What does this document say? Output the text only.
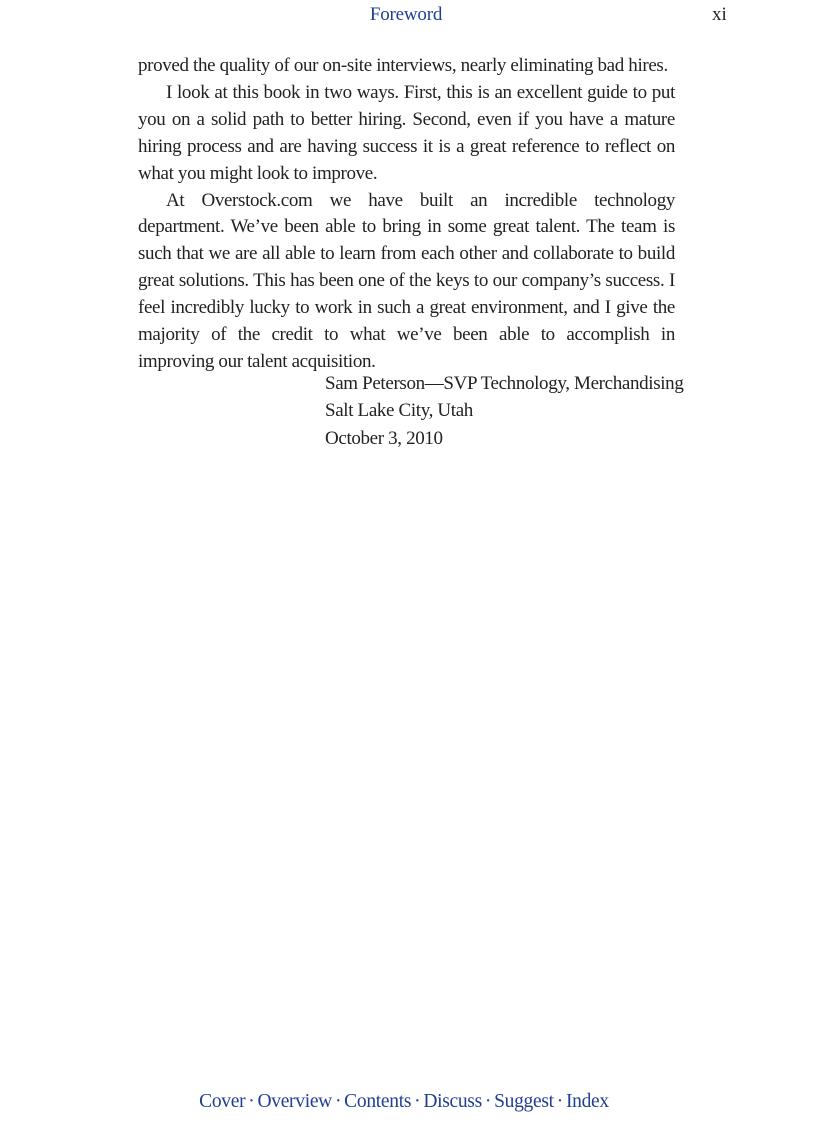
Foreword	xi

proved the quality of our on-site interviews, nearly eliminating bad hires.

I look at this book in two ways. First, this is an excellent guide to put you on a solid path to better hiring. Second, even if you have a mature hiring process and are having success it is a great reference to reflect on what you might look to improve.

At Overstock.com we have built an incredible technology department. We’ve been able to bring in some great talent. The team is such that we are all able to learn from each other and collaborate to build great solutions. This has been one of the keys to our company’s success. I feel incredibly lucky to work in such a great environment, and I give the majority of the credit to what we’ve been able to accomplish in improving our talent acquisition.

Sam Peterson—SVP Technology, Merchandising
Salt Lake City, Utah
October 3, 2010
Cover · Overview · Contents · Discuss · Suggest · Index
